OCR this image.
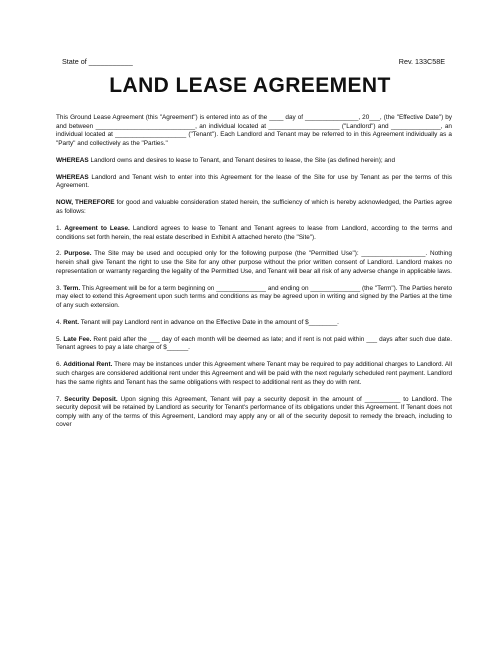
State of ___________	Rev. 133C58E
LAND LEASE AGREEMENT

This Ground Lease Agreement (this "Agreement") is entered into as of the ____ day of _______________, 20___, (the "Effective Date") by and between ____________________________, an individual located at ____________________ ("Landlord") and ______________, an individual located at ____________________ ("Tenant"). Each Landlord and Tenant may be referred to in this Agreement individually as a "Party" and collectively as the "Parties."

WHEREAS Landlord owns and desires to lease to Tenant, and Tenant desires to lease, the Site (as defined herein); and

WHEREAS Landlord and Tenant wish to enter into this Agreement for the lease of the Site for use by Tenant as per the terms of this Agreement.

NOW, THEREFORE for good and valuable consideration stated herein, the sufficiency of which is hereby acknowledged, the Parties agree as follows:

1. Agreement to Lease. Landlord agrees to lease to Tenant and Tenant agrees to lease from Landlord, according to the terms and conditions set forth herein, the real estate described in Exhibit A attached hereto (the "Site").

2. Purpose. The Site may be used and occupied only for the following purpose (the "Permitted Use"): __________________. Nothing herein shall give Tenant the right to use the Site for any other purpose without the prior written consent of Landlord. Landlord makes no representation or warranty regarding the legality of the Permitted Use, and Tenant will bear all risk of any adverse change in applicable laws.

3. Term. This Agreement will be for a term beginning on ______________ and ending on ______________ (the "Term"). The Parties hereto may elect to extend this Agreement upon such terms and conditions as may be agreed upon in writing and signed by the Parties at the time of any such extension.

4. Rent. Tenant will pay Landlord rent in advance on the Effective Date in the amount of $________.

5. Late Fee. Rent paid after the ___ day of each month will be deemed as late; and if rent is not paid within ___ days after such due date. Tenant agrees to pay a late charge of $______.

6. Additional Rent. There may be instances under this Agreement where Tenant may be required to pay additional charges to Landlord. All such charges are considered additional rent under this Agreement and will be paid with the next regularly scheduled rent payment. Landlord has the same rights and Tenant has the same obligations with respect to additional rent as they do with rent.

7. Security Deposit. Upon signing this Agreement, Tenant will pay a security deposit in the amount of __________ to Landlord. The security deposit will be retained by Landlord as security for Tenant's performance of its obligations under this Agreement. If Tenant does not comply with any of the terms of this Agreement, Landlord may apply any or all of the security deposit to remedy the breach, including to cover
